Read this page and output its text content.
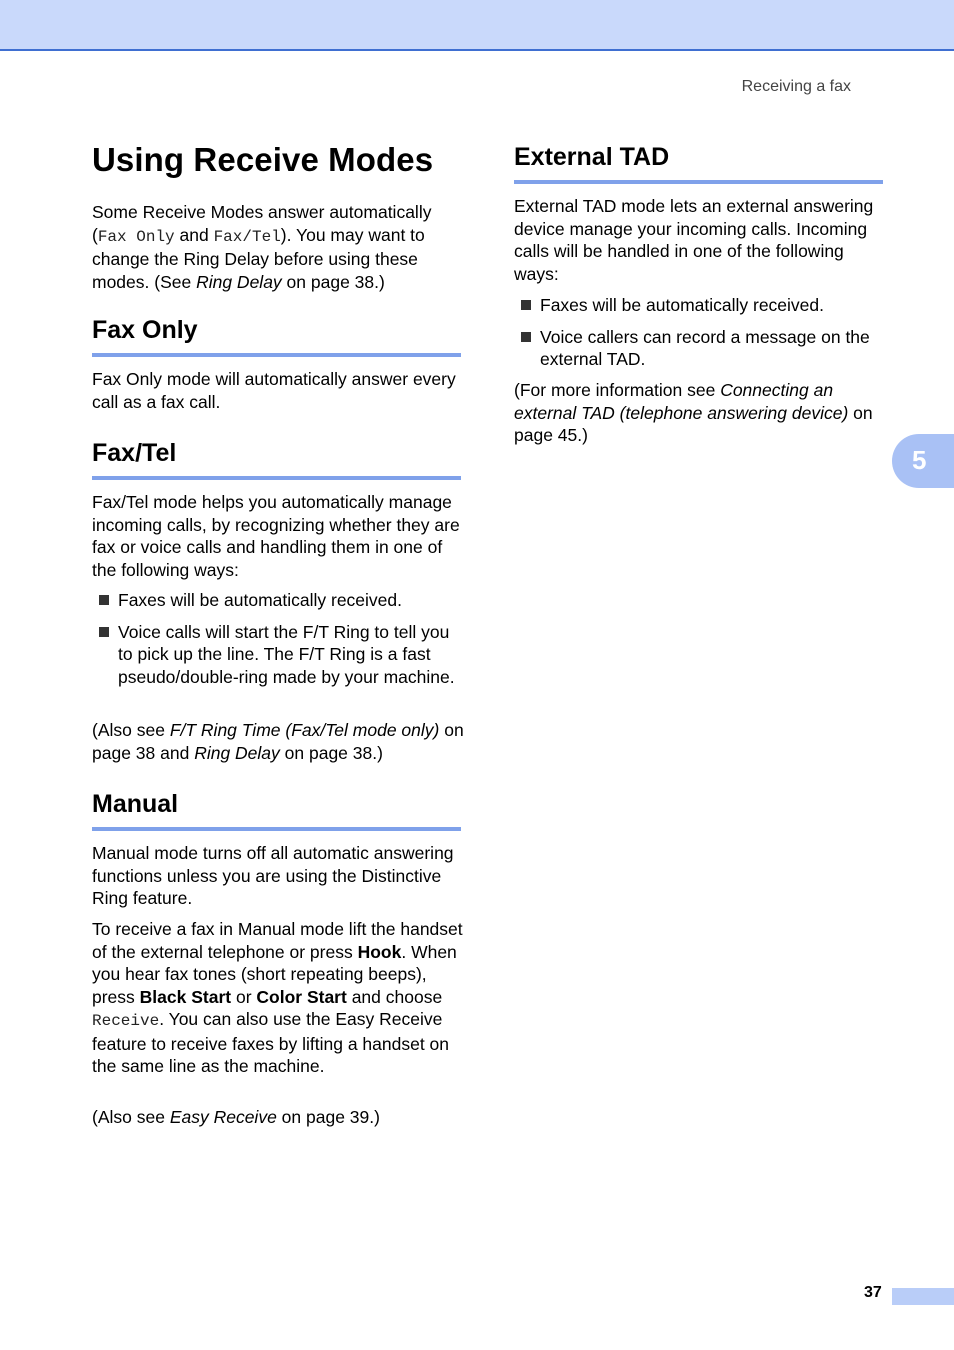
Receiving a fax
Using Receive Modes

Some Receive Modes answer automatically (Fax Only and Fax/Tel). You may want to change the Ring Delay before using these modes. (See Ring Delay on page 38.)

Fax Only

Fax Only mode will automatically answer every call as a fax call.

Fax/Tel

Fax/Tel mode helps you automatically manage incoming calls, by recognizing whether they are fax or voice calls and handling them in one of the following ways:

Faxes will be automatically received.
Voice calls will start the F/T Ring to tell you to pick up the line. The F/T Ring is a fast pseudo/double-ring made by your machine.

(Also see F/T Ring Time (Fax/Tel mode only) on page 38 and Ring Delay on page 38.)

Manual

Manual mode turns off all automatic answering functions unless you are using the Distinctive Ring feature.

To receive a fax in Manual mode lift the handset of the external telephone or press Hook. When you hear fax tones (short repeating beeps), press Black Start or Color Start and choose Receive. You can also use the Easy Receive feature to receive faxes by lifting a handset on the same line as the machine.

(Also see Easy Receive on page 39.)

External TAD

External TAD mode lets an external answering device manage your incoming calls. Incoming calls will be handled in one of the following ways:

Faxes will be automatically received.
Voice callers can record a message on the external TAD.

(For more information see Connecting an external TAD (telephone answering device) on page 45.)

5
37
